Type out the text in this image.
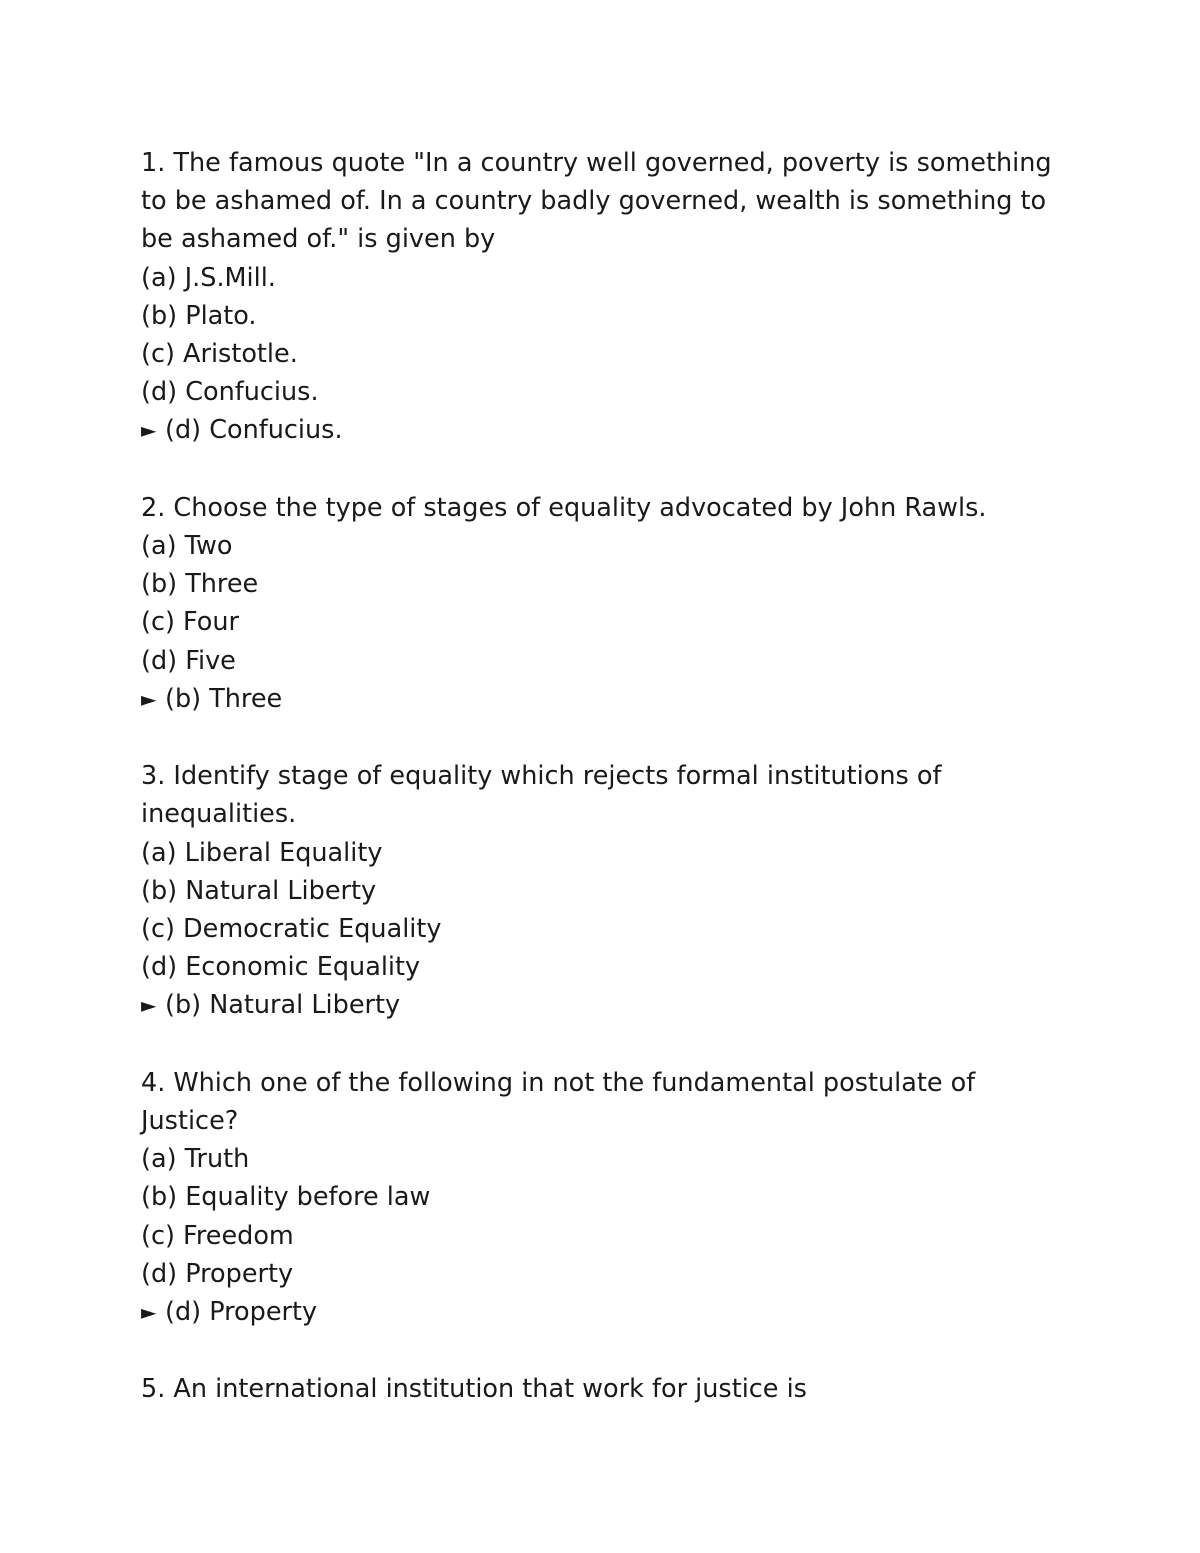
1. The famous quote "In a country well governed, poverty is something to be ashamed of. In a country badly governed, wealth is something to be ashamed of." is given by
(a) J.S.Mill.
(b) Plato.
(c) Aristotle.
(d) Confucius.
► (d) Confucius.
2. Choose the type of stages of equality advocated by John Rawls.
(a) Two
(b) Three
(c) Four
(d) Five
► (b) Three
3. Identify stage of equality which rejects formal institutions of inequalities.
(a) Liberal Equality
(b) Natural Liberty
(c) Democratic Equality
(d) Economic Equality
► (b) Natural Liberty
4. Which one of the following in not the fundamental postulate of Justice?
(a) Truth
(b) Equality before law
(c) Freedom
(d) Property
► (d) Property
5. An international institution that work for justice is
